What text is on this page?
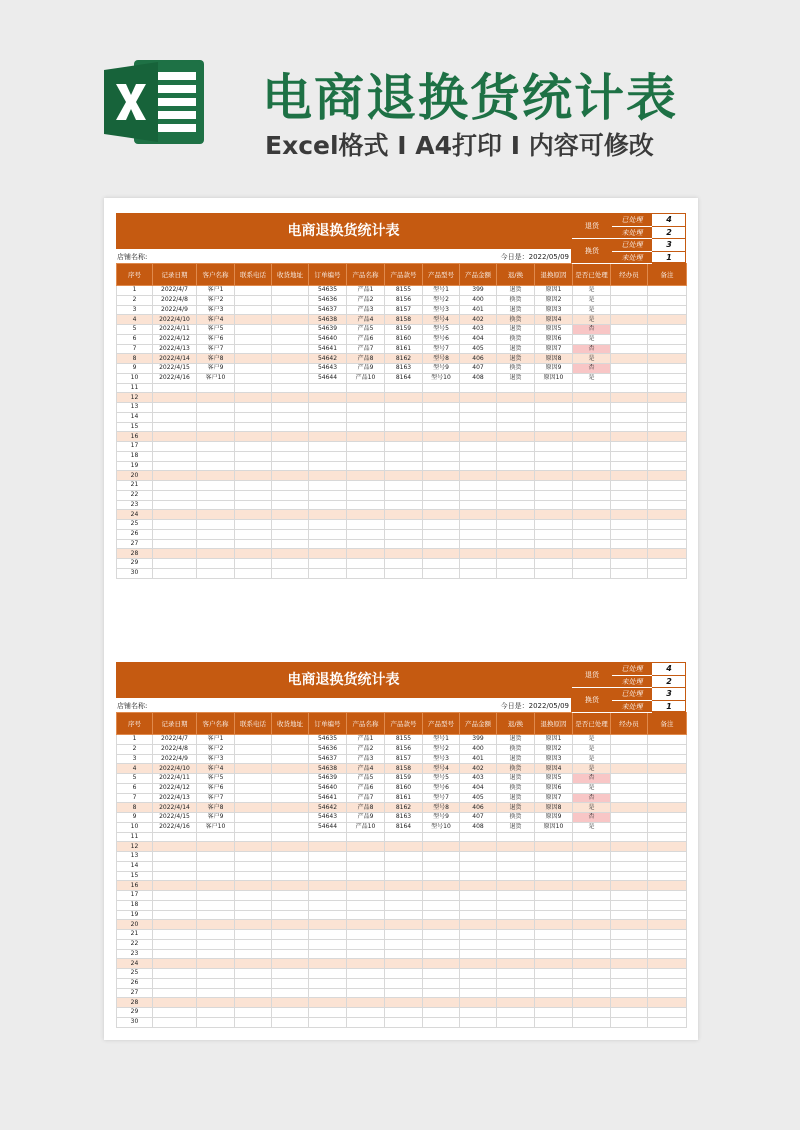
电商退换货统计表
Excel格式 I A4打印 I 内容可修改
电商退换货统计表
店铺名称:	今日是：2022/05/09
退货
已处理	4
未处理	2
换货
已处理	3
未处理	1
序号	记录日期	客户名称	联系电话	收货地址	订单编号	产品名称	产品款号	产品型号	产品金额	退/换	退换原因	是否已处理	经办员	备注
1	2022/4/7	客户1			54635	产品1	8155	型号1	399	退货	原因1	是		
2	2022/4/8	客户2			54636	产品2	8156	型号2	400	换货	原因2	是		
3	2022/4/9	客户3			54637	产品3	8157	型号3	401	退货	原因3	是		
4	2022/4/10	客户4			54638	产品4	8158	型号4	402	换货	原因4	是		
5	2022/4/11	客户5			54639	产品5	8159	型号5	403	退货	原因5	否		
6	2022/4/12	客户6			54640	产品6	8160	型号6	404	换货	原因6	是		
7	2022/4/13	客户7			54641	产品7	8161	型号7	405	退货	原因7	否		
8	2022/4/14	客户8			54642	产品8	8162	型号8	406	退货	原因8	是		
9	2022/4/15	客户9			54643	产品9	8163	型号9	407	换货	原因9	否		
10	2022/4/16	客户10			54644	产品10	8164	型号10	408	退货	原因10	是		
11														
12														
13														
14														
15														
16														
17														
18														
19														
20														
21														
22														
23														
24														
25														
26														
27														
28														
29														
30														
电商退换货统计表
店铺名称:	今日是：2022/05/09
退货
已处理	4
未处理	2
换货
已处理	3
未处理	1
序号	记录日期	客户名称	联系电话	收货地址	订单编号	产品名称	产品款号	产品型号	产品金额	退/换	退换原因	是否已处理	经办员	备注
1	2022/4/7	客户1			54635	产品1	8155	型号1	399	退货	原因1	是		
2	2022/4/8	客户2			54636	产品2	8156	型号2	400	换货	原因2	是		
3	2022/4/9	客户3			54637	产品3	8157	型号3	401	退货	原因3	是		
4	2022/4/10	客户4			54638	产品4	8158	型号4	402	换货	原因4	是		
5	2022/4/11	客户5			54639	产品5	8159	型号5	403	退货	原因5	否		
6	2022/4/12	客户6			54640	产品6	8160	型号6	404	换货	原因6	是		
7	2022/4/13	客户7			54641	产品7	8161	型号7	405	退货	原因7	否		
8	2022/4/14	客户8			54642	产品8	8162	型号8	406	退货	原因8	是		
9	2022/4/15	客户9			54643	产品9	8163	型号9	407	换货	原因9	否		
10	2022/4/16	客户10			54644	产品10	8164	型号10	408	退货	原因10	是		
11														
12														
13														
14														
15														
16														
17														
18														
19														
20														
21														
22														
23														
24														
25														
26														
27														
28														
29														
30														
